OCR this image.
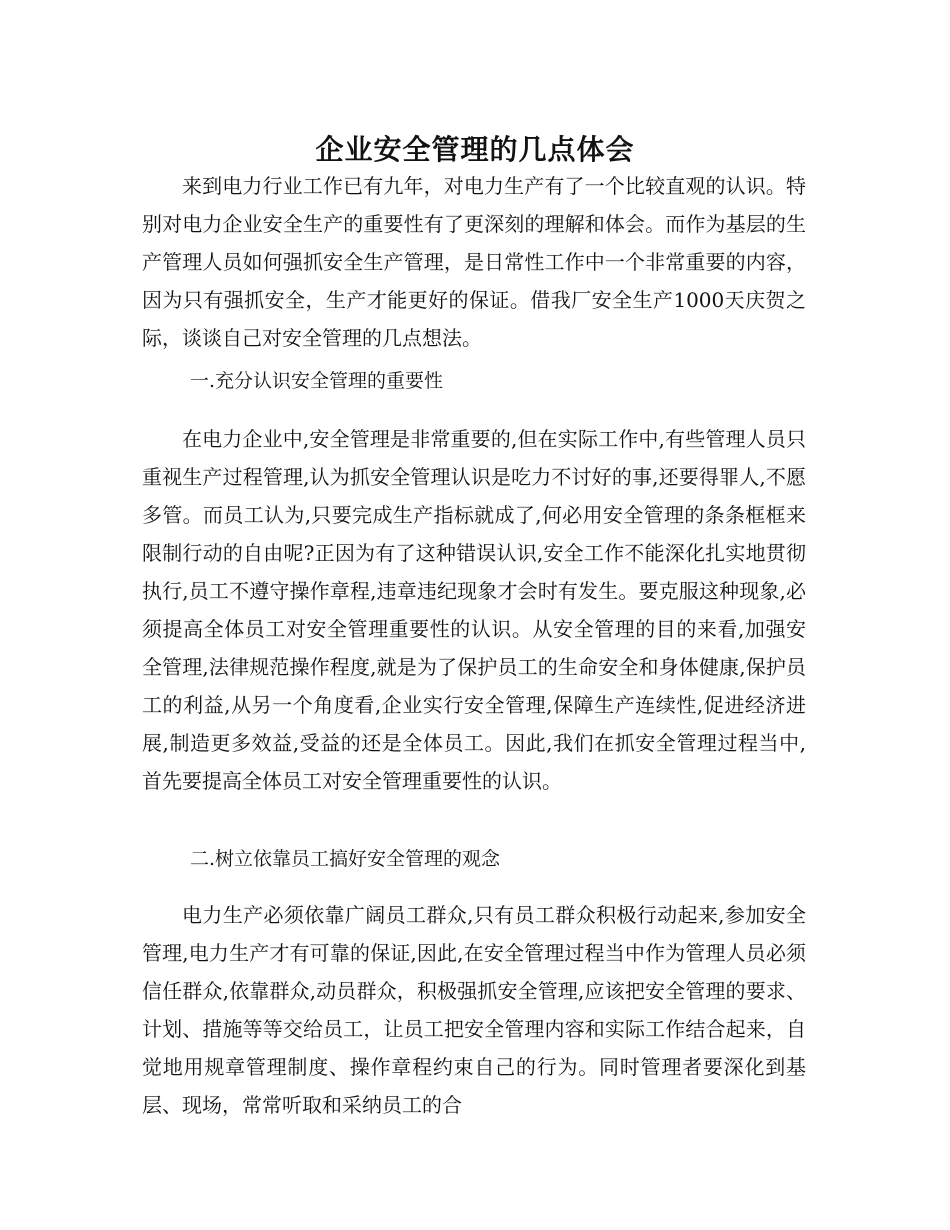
企业安全管理的几点体会

来到电力行业工作已有九年，对电力生产有了一个比较直观的认识。特别对电力企业安全生产的重要性有了更深刻的理解和体会。而作为基层的生产管理人员如何强抓安全生产管理，是日常性工作中一个非常重要的内容，因为只有强抓安全，生产才能更好的保证。借我厂安全生产1000天庆贺之际，谈谈自己对安全管理的几点想法。

一.充分认识安全管理的重要性

在电力企业中,安全管理是非常重要的,但在实际工作中,有些管理人员只重视生产过程管理,认为抓安全管理认识是吃力不讨好的事,还要得罪人,不愿多管。而员工认为,只要完成生产指标就成了,何必用安全管理的条条框框来限制行动的自由呢?正因为有了这种错误认识,安全工作不能深化扎实地贯彻执行,员工不遵守操作章程,违章违纪现象才会时有发生。要克服这种现象,必须提高全体员工对安全管理重要性的认识。从安全管理的目的来看,加强安全管理,法律规范操作程度,就是为了保护员工的生命安全和身体健康,保护员工的利益,从另一个角度看,企业实行安全管理,保障生产连续性,促进经济进展,制造更多效益,受益的还是全体员工。因此,我们在抓安全管理过程当中,首先要提高全体员工对安全管理重要性的认识。

二.树立依靠员工搞好安全管理的观念

电力生产必须依靠广阔员工群众,只有员工群众积极行动起来,参加安全管理,电力生产才有可靠的保证,因此,在安全管理过程当中作为管理人员必须信任群众,依靠群众,动员群众，积极强抓安全管理,应该把安全管理的要求、计划、措施等等交给员工，让员工把安全管理内容和实际工作结合起来，自觉地用规章管理制度、操作章程约束自己的行为。同时管理者要深化到基层、现场，常常听取和采纳员工的合
